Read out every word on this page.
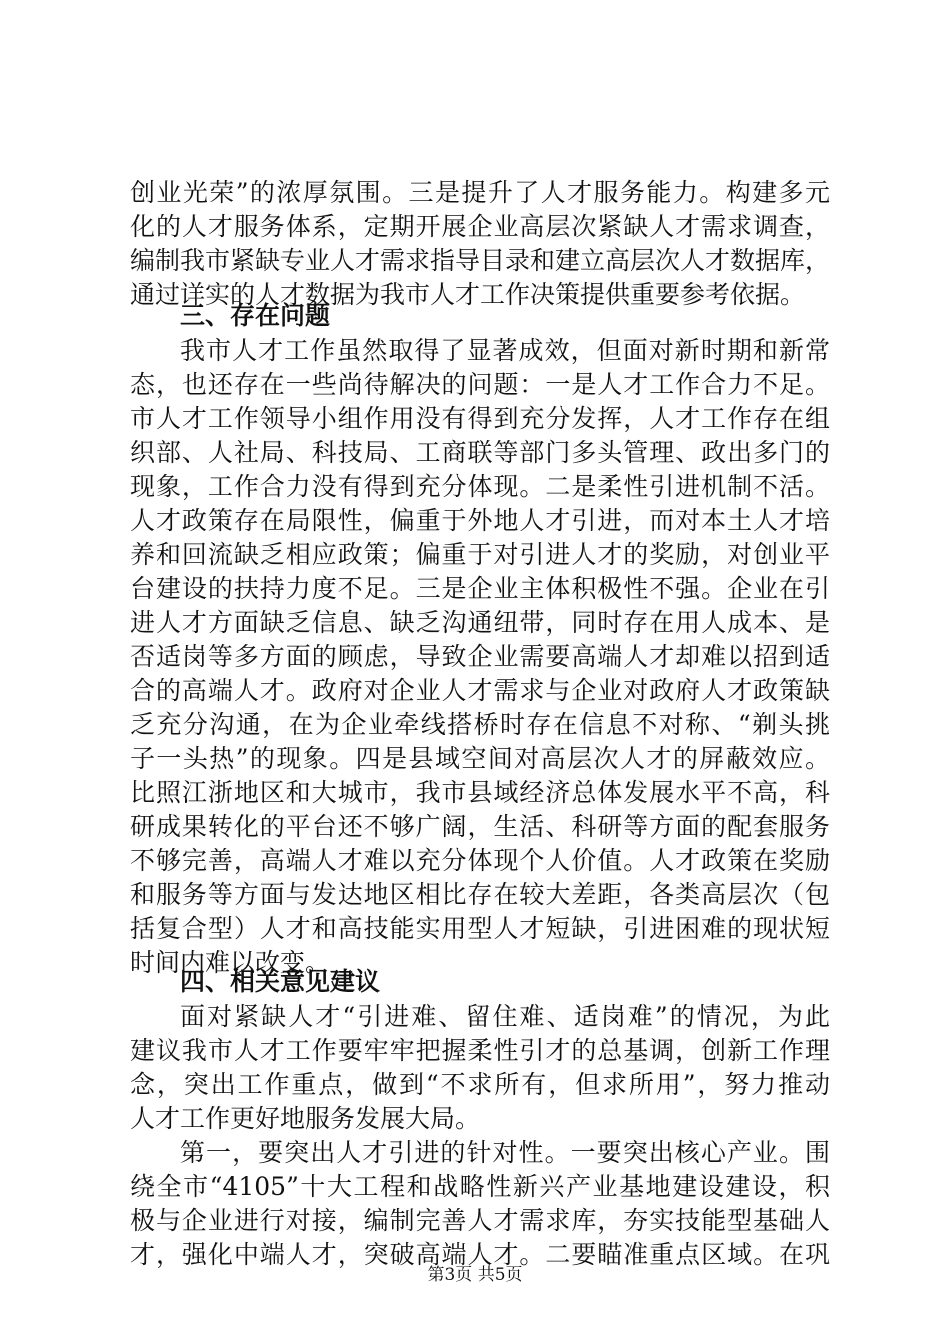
创业光荣”的浓厚氛围。三是提升了人才服务能力。构建多元
化的人才服务体系，定期开展企业高层次紧缺人才需求调查，
编制我市紧缺专业人才需求指导目录和建立高层次人才数据库，
通过详实的人才数据为我市人才工作决策提供重要参考依据。
三、存在问题
我市人才工作虽然取得了显著成效，但面对新时期和新常
态，也还存在一些尚待解决的问题：一是人才工作合力不足。
市人才工作领导小组作用没有得到充分发挥，人才工作存在组
织部、人社局、科技局、工商联等部门多头管理、政出多门的
现象，工作合力没有得到充分体现。二是柔性引进机制不活。
人才政策存在局限性，偏重于外地人才引进，而对本土人才培
养和回流缺乏相应政策；偏重于对引进人才的奖励，对创业平
台建设的扶持力度不足。三是企业主体积极性不强。企业在引
进人才方面缺乏信息、缺乏沟通纽带，同时存在用人成本、是
否适岗等多方面的顾虑，导致企业需要高端人才却难以招到适
合的高端人才。政府对企业人才需求与企业对政府人才政策缺
乏充分沟通，在为企业牵线搭桥时存在信息不对称、“剃头挑
子一头热”的现象。四是县域空间对高层次人才的屏蔽效应。
比照江浙地区和大城市，我市县域经济总体发展水平不高，科
研成果转化的平台还不够广阔，生活、科研等方面的配套服务
不够完善，高端人才难以充分体现个人价值。人才政策在奖励
和服务等方面与发达地区相比存在较大差距，各类高层次（包
括复合型）人才和高技能实用型人才短缺，引进困难的现状短
时间内难以改变。
四、相关意见建议
面对紧缺人才“引进难、留住难、适岗难”的情况，为此
建议我市人才工作要牢牢把握柔性引才的总基调，创新工作理
念，突出工作重点，做到“不求所有，但求所用”，努力推动
人才工作更好地服务发展大局。
第一，要突出人才引进的针对性。一要突出核心产业。围
绕全市“4105”十大工程和战略性新兴产业基地建设建设，积
极与企业进行对接，编制完善人才需求库，夯实技能型基础人
才，强化中端人才，突破高端人才。二要瞄准重点区域。在巩
第3页 共5页
